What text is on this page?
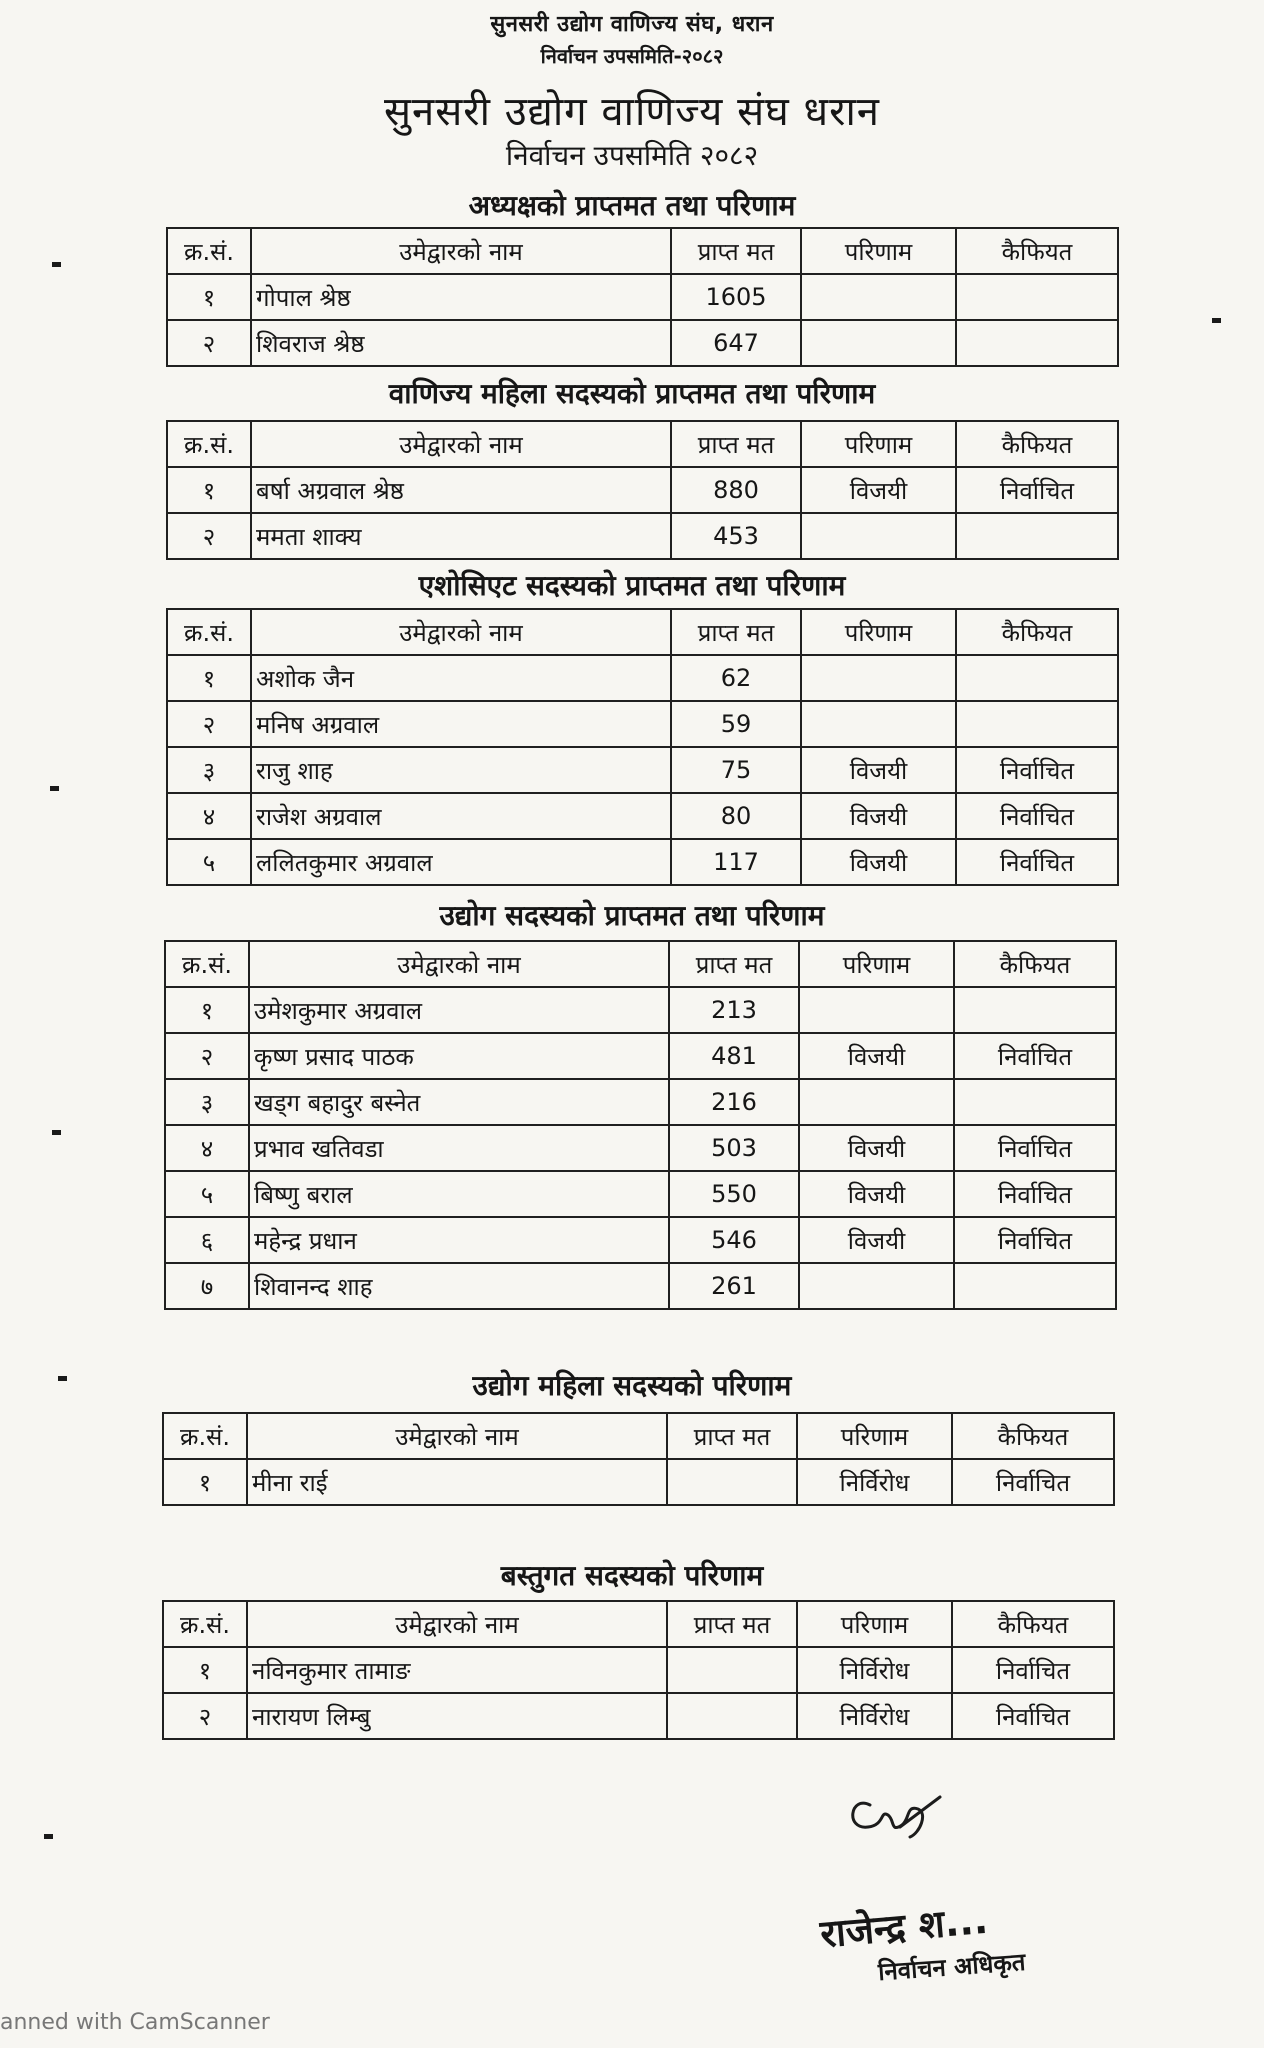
सुनसरी उद्योग वाणिज्य संघ, धरान
निर्वाचन उपसमिति-२०८२
सुनसरी उद्योग वाणिज्य संघ धरान
निर्वाचन उपसमिति २०८२
अध्यक्षको प्राप्तमत तथा परिणाम
वाणिज्य महिला सदस्यको प्राप्तमत तथा परिणाम
एशोसिएट सदस्यको प्राप्तमत तथा परिणाम
उद्योग सदस्यको प्राप्तमत तथा परिणाम
उद्योग महिला सदस्यको परिणाम
बस्तुगत सदस्यको परिणाम
क्र.सं.	उमेद्वारको नाम	प्राप्त मत	परिणाम	कैफियत
१	गोपाल श्रेष्ठ	1605		
२	शिवराज श्रेष्ठ	647		
क्र.सं.	उमेद्वारको नाम	प्राप्त मत	परिणाम	कैफियत
१	बर्षा अग्रवाल श्रेष्ठ	880	विजयी	निर्वाचित
२	ममता शाक्य	453		
क्र.सं.	उमेद्वारको नाम	प्राप्त मत	परिणाम	कैफियत
१	अशोक जैन	62		
२	मनिष अग्रवाल	59		
३	राजु शाह	75	विजयी	निर्वाचित
४	राजेश अग्रवाल	80	विजयी	निर्वाचित
५	ललितकुमार अग्रवाल	117	विजयी	निर्वाचित
क्र.सं.	उमेद्वारको नाम	प्राप्त मत	परिणाम	कैफियत
१	उमेशकुमार अग्रवाल	213		
२	कृष्ण प्रसाद पाठक	481	विजयी	निर्वाचित
३	खड्ग बहादुर बस्नेत	216		
४	प्रभाव खतिवडा	503	विजयी	निर्वाचित
५	बिष्णु बराल	550	विजयी	निर्वाचित
६	महेन्द्र प्रधान	546	विजयी	निर्वाचित
७	शिवानन्द शाह	261		
क्र.सं.	उमेद्वारको नाम	प्राप्त मत	परिणाम	कैफियत
१	मीना राई		निर्विरोध	निर्वाचित
क्र.सं.	उमेद्वारको नाम	प्राप्त मत	परिणाम	कैफियत
१	नविनकुमार तामाङ		निर्विरोध	निर्वाचित
२	नारायण लिम्बु		निर्विरोध	निर्वाचित
राजेन्द्र श...
निर्वाचन अधिकृत
anned with CamScanner
